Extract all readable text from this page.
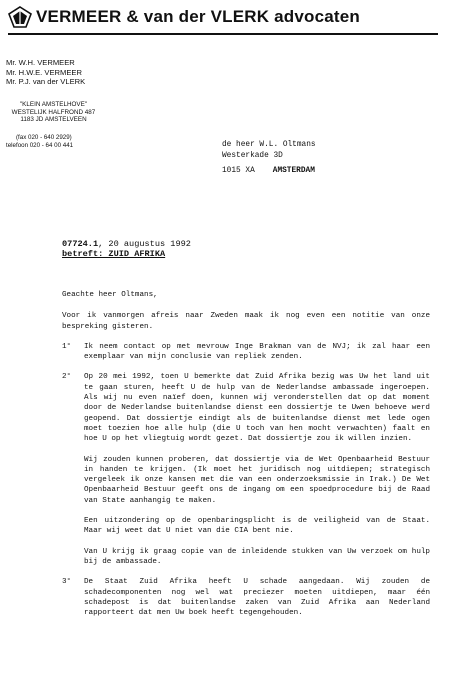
VERMEER & van der VLERK advocaten
Mr. W.H. VERMEER
Mr. H.W.E. VERMEER
Mr. P.J. van der VLERK
"KLEIN AMSTELHOVE"
WESTELIJK HALFROND 487
1183 JD AMSTELVEEN
(fax 020 - 640 2929)
telefoon 020 - 64 00 441	de heer W.L. Oltmans
Westerkade 3D
1015 XA AMSTERDAM
07724.1, 20 augustus 1992
betreft: ZUID AFRIKA
Geachte heer Oltmans,
Voor ik vanmorgen afreis naar Zweden maak ik nog even een notitie van onze bespreking gisteren.
1° Ik neem contact op met mevrouw Inge Brakman van de NVJ; ik zal haar een exemplaar van mijn conclusie van repliek zenden.

2° Op 20 mei 1992, toen U bemerkte dat Zuid Afrika bezig was Uw het land uit te gaan sturen, heeft U de hulp van de Nederlandse ambassade ingeroepen. Als wij nu even naïef doen, kunnen wij veronderstellen dat op dat moment door de Nederlandse buitenlandse dienst een dossiertje te Uwen behoeve werd geopend. Dat dossiertje eindigt als de buitenlandse dienst met lede ogen moet toezien hoe alle hulp (die U toch van hen mocht verwachten) faalt en hoe U op het vliegtuig wordt gezet. Dat dossiertje zou ik willen inzien.

Wij zouden kunnen proberen, dat dossiertje via de Wet Openbaarheid Bestuur in handen te krijgen. (Ik moet het juridisch nog uitdiepen; strategisch vergeleek ik onze kansen met die van een onderzoeksmissie in Irak.) De Wet Openbaarheid Bestuur geeft ons de ingang om een spoedprocedure bij de Raad van State aanhangig te maken.

Een uitzondering op de openbaringsplicht is de veiligheid van de Staat. Maar wij weet dat U niet van die CIA bent nie.

Van U krijg ik graag copie van de inleidende stukken van Uw verzoek om hulp bij de ambassade.

3° De Staat Zuid Afrika heeft U schade aangedaan. Wij zouden de schadecomponenten nog wel wat preciezer moeten uitdiepen, maar één schadepost is dat buitenlandse zaken van Zuid Afrika aan Nederland rapporteert dat men Uw boek heeft tegengehouden.
